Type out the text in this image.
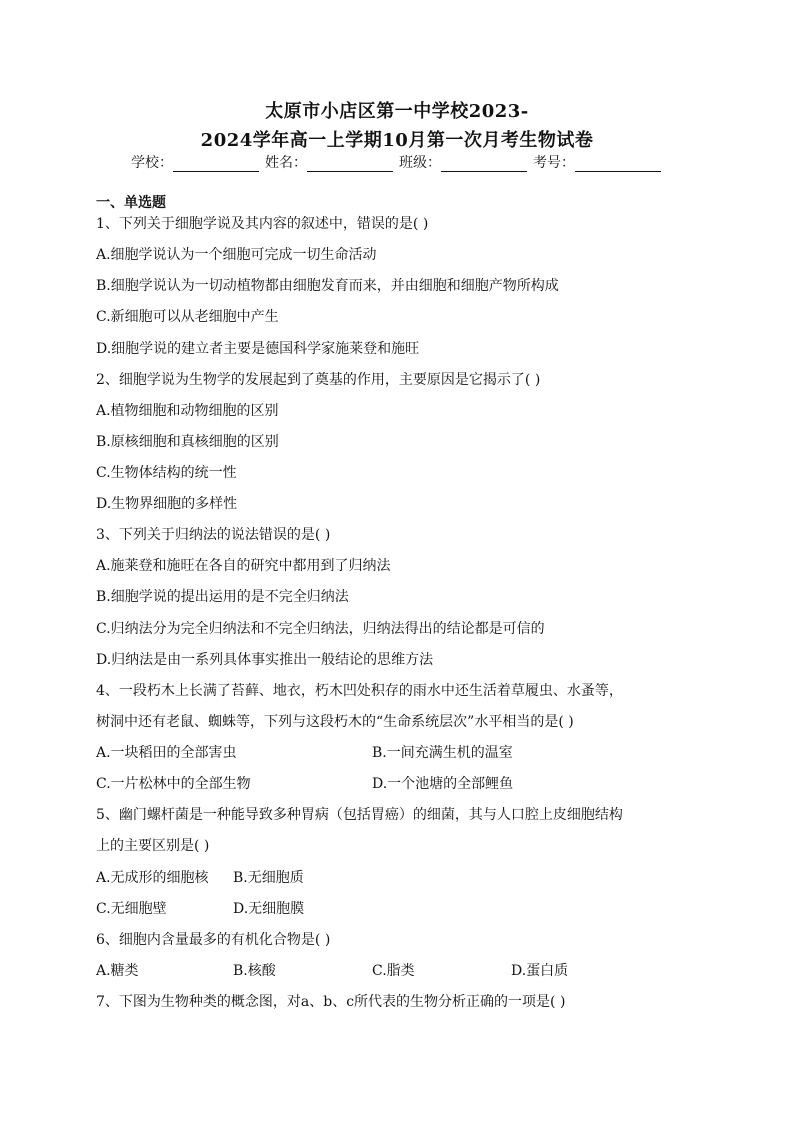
太原市小店区第一中学校2023-
2024学年高一上学期10月第一次月考生物试卷
学校：	姓名：	班级：	考号：
一、单选题
1、下列关于细胞学说及其内容的叙述中，错误的是( )
A.细胞学说认为一个细胞可完成一切生命活动
B.细胞学说认为一切动植物都由细胞发育而来，并由细胞和细胞产物所构成
C.新细胞可以从老细胞中产生
D.细胞学说的建立者主要是德国科学家施莱登和施旺
2、细胞学说为生物学的发展起到了奠基的作用，主要原因是它揭示了( )
A.植物细胞和动物细胞的区别
B.原核细胞和真核细胞的区别
C.生物体结构的统一性
D.生物界细胞的多样性
3、下列关于归纳法的说法错误的是( )
A.施莱登和施旺在各自的研究中都用到了归纳法
B.细胞学说的提出运用的是不完全归纳法
C.归纳法分为完全归纳法和不完全归纳法，归纳法得出的结论都是可信的
D.归纳法是由一系列具体事实推出一般结论的思维方法
4、一段朽木上长满了苔藓、地衣，朽木凹处积存的雨水中还生活着草履虫、水蚤等，
树洞中还有老鼠、蜘蛛等，下列与这段朽木的“生命系统层次”水平相当的是( )
A.一块稻田的全部害虫	B.一间充满生机的温室
C.一片松林中的全部生物	D.一个池塘的全部鲤鱼
5、幽门螺杆菌是一种能导致多种胃病（包括胃癌）的细菌，其与人口腔上皮细胞结构
上的主要区别是( )
A.无成形的细胞核 B.无细胞质
C.无细胞壁	D.无细胞膜
6、细胞内含量最多的有机化合物是( )
A.糖类	B.核酸	C.脂类	D.蛋白质
7、下图为生物种类的概念图，对a、b、c所代表的生物分析正确的一项是( )
